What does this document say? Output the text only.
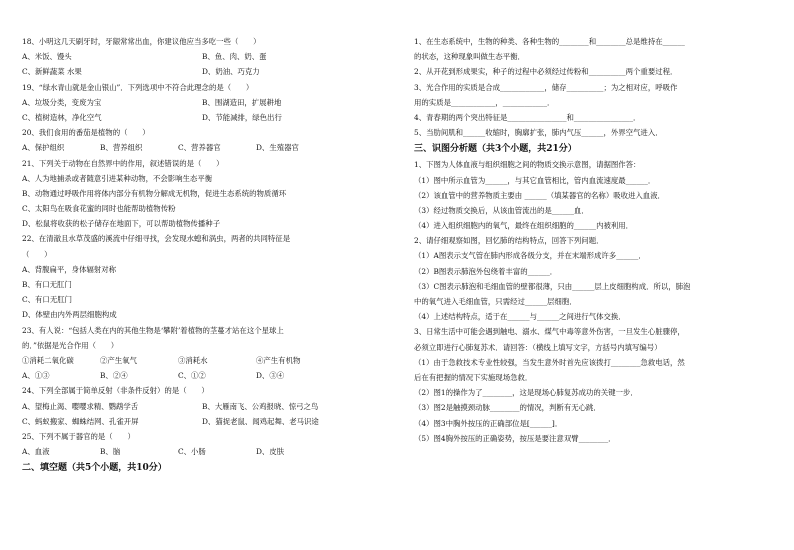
18、小明这几天刷牙时，牙龈常常出血，你建议他应当多吃一些（　　）
A、米饭、馒头	B、鱼、肉、奶、蛋
C、新鲜蔬菜 水果	D、奶油、巧克力
19、“绿水青山就是金山银山”．下列选项中不符合此理念的是（　　）
A、垃圾分类，变废为宝	B、围湖造田，扩展耕地
C、植树造林，净化空气	D、节能减排，绿色出行
20、我们食用的番茄是植物的（　　）
A、保护组织	B、营养组织	C、营养器官	D、生殖器官
21、下列关于动物在自然界中的作用，叙述错误的是（　　）
A、人为地捕杀或者随意引进某种动物，不会影响生态平衡
B、动物通过呼吸作用将体内部分有机物分解成无机物，促进生态系统的物质循环
C、太阳鸟在吸食花蜜的同时也能帮助植物传粉
D、松鼠将收获的松子储存在地面下，可以帮助植物传播种子
22、在清澈且水草茂盛的溪流中仔细寻找，会发现水螅和涡虫，两者的共同特征是
（　　）
A、背腹扁平，身体辐射对称
B、有口无肛门
C、有口无肛门
D、体壁由内外两层细胞构成
23、有人说：“包括人类在内的其他生物是‘攀附’着植物的茎蔓才站在这个星球上
的．”依据是光合作用（　　）
①消耗二氧化碳	②产生氧气	③消耗水	④产生有机物
A、①③	B、②④	C、①②	D、③④
24、下列全部属于简单反射（非条件反射）的是（　　）
A、望梅止渴、嘤嘤求精、鹦鹉学舌	B、大雁南飞、公鸡报晓、惊弓之鸟
C、蚂蚁搬家、蜘蛛结网、孔雀开屏	D、猫捉老鼠、闻鸡起舞、老马识途
25、下列不属于器官的是（　　）
A、血液	B、脑	C、小肠	D、皮肤
二、填空题（共5个小题，共10分）
1、在生态系统中，生物的种类、各种生物的________和________总是维持在______
的状态，这种现象叫做生态平衡．
2、从开花到形成果实，种子的过程中必须经过传粉和__________两个重要过程．
3、光合作用的实质是合成____________，储存__________；为之相对应，呼吸作
用的实质是____________，____________．
4、青春期的两个突出特征是________________和________________．
5、当肋间肌和______收缩时，胸廓扩张，肺内气压______，外界空气进入．
三、识图分析题（共3个小题，共21分）
1、下图为人体血液与组织细胞之间的物质交换示意图，请据图作答：
（1）图中所示血管为______，与其它血管相比，管内血流速度最______．
（2）该血管中的营养物质主要由 ______（填某器官的名称）吸收进入血液．
（3）经过物质交换后，从该血管流出的是______血．
（4）进入组织细胞内的氧气，最终在组织细胞的______内被利用．
2、请仔细观察如图，回忆肺的结构特点，回答下列问题．
（1）A图表示支气管在肺内形成各级分支，并在末端形成许多______．
（2）B图表示肺泡外包绕着丰富的______．
（3）C图表示肺泡和毛细血管的壁都很薄，只由______层上皮细胞构成．所以，肺泡
中的氧气进入毛细血管，只需经过______层细胞．
（4）上述结构特点，适于在______与______之间进行气体交换．
3、日常生活中可能会遇到触电、溺水、煤气中毒等意外伤害，一旦发生心脏骤停，
必须立即进行心肺复苏术．请回答：（横线上填写文字，方括号内填写编号）
（1）由于急救技术专业性较强，当发生意外时首先应该拨打________急救电话，然
后在有把握的情况下实施现场急救．
（2）图1的操作为了________，这是现场心肺复苏成功的关键一步．
（3）图2是触摸颈动脉________的情况，判断有无心跳．
（4）图3中胸外按压的正确部位是[______]．
（5）图4胸外按压的正确姿势，按压是要注意双臂________．
